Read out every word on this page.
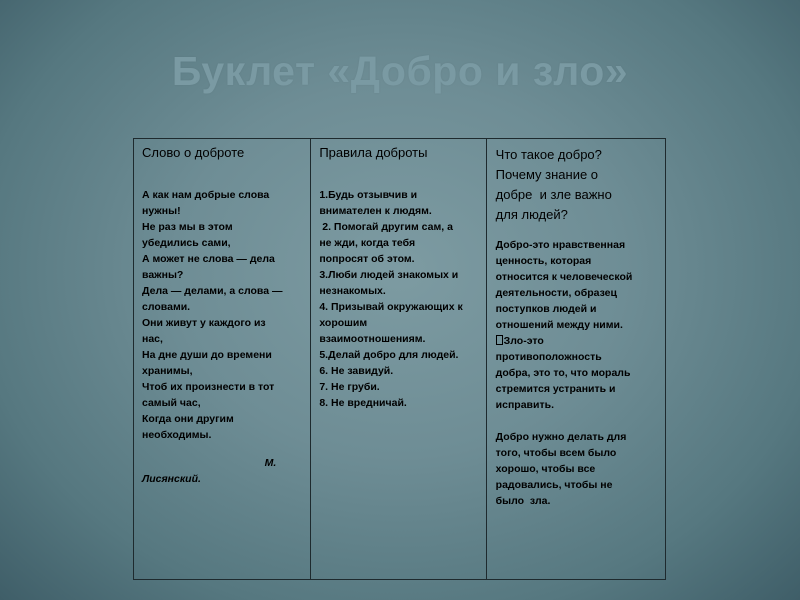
Буклет «Добро и зло»
Слово о доброте
А как нам добрые слова
нужны!
Не раз мы в этом
убедились сами,
А может не слова — дела
важны?
Дела — делами, а слова —
словами.
Они живут у каждого из
нас,
На дне души до времени
хранимы,
Чтоб их произнести в тот
самый час,
Когда они другим
необходимы.
М.
Лисянский.
Правила доброты
1.Будь отзывчив и
внимателен к людям.
2. Помогай другим сам, а
не жди, когда тебя
попросят об этом.
3.Люби людей знакомых и
незнакомых.
4. Призывай окружающих к
хорошим
взаимоотношениям.
5.Делай добро для людей.
6. Не завидуй.
7. Не груби.
8. Не вредничай.
Что такое добро?
Почему знание о
добре  и зле важно
для людей?
Добро-это нравственная
ценность, которая
относится к человеческой
деятельности, образец
поступков людей и
отношений между ними.
Зло-это
противоположность
добра, это то, что мораль
стремится устранить и
исправить.
Добро нужно делать для
того, чтобы всем было
хорошо, чтобы все
радовались, чтобы не
было  зла.
